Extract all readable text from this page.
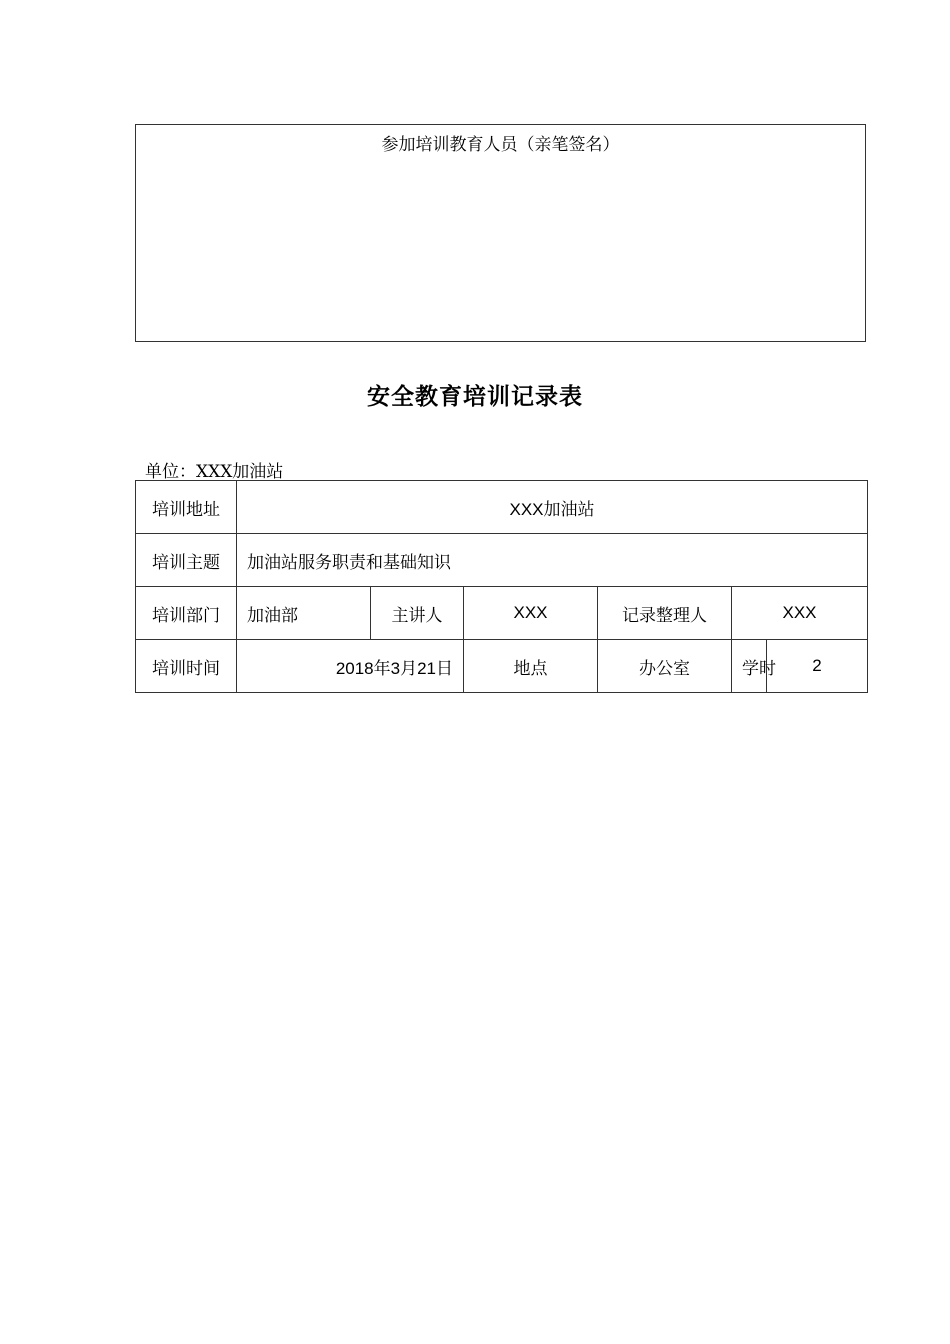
参加培训教育人员（亲笔签名）
安全教育培训记录表
单位：XXX加油站
培训地址	XXX加油站					
培训主题	加油站服务职责和基础知识					
培训部门	加油部	主讲人	XXX	记录整理人	XXX	
培训时间	2018年3月21日		地点	办公室	学时	2
